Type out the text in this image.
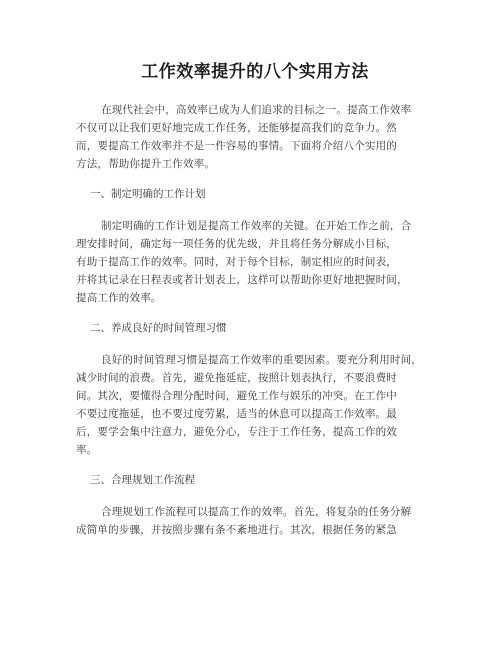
工作效率提升的八个实用方法
在现代社会中，高效率已成为人们追求的目标之一。提高工作效率
不仅可以让我们更好地完成工作任务，还能够提高我们的竞争力。然
而，要提高工作效率并不是一件容易的事情。下面将介绍八个实用的
方法，帮助你提升工作效率。
一、制定明确的工作计划
制定明确的工作计划是提高工作效率的关键。在开始工作之前，合
理安排时间，确定每一项任务的优先级，并且将任务分解成小目标，
有助于提高工作的效率。同时，对于每个目标，制定相应的时间表，
并将其记录在日程表或者计划表上，这样可以帮助你更好地把握时间，
提高工作的效率。
二、养成良好的时间管理习惯
良好的时间管理习惯是提高工作效率的重要因素。要充分利用时间，
减少时间的浪费。首先，避免拖延症，按照计划表执行，不要浪费时
间。其次，要懂得合理分配时间，避免工作与娱乐的冲突。在工作中
不要过度拖延，也不要过度劳累，适当的休息可以提高工作效率。最
后，要学会集中注意力，避免分心，专注于工作任务，提高工作的效
率。
三、合理规划工作流程
合理规划工作流程可以提高工作的效率。首先，将复杂的任务分解
成简单的步骤，并按照步骤有条不紊地进行。其次，根据任务的紧急
